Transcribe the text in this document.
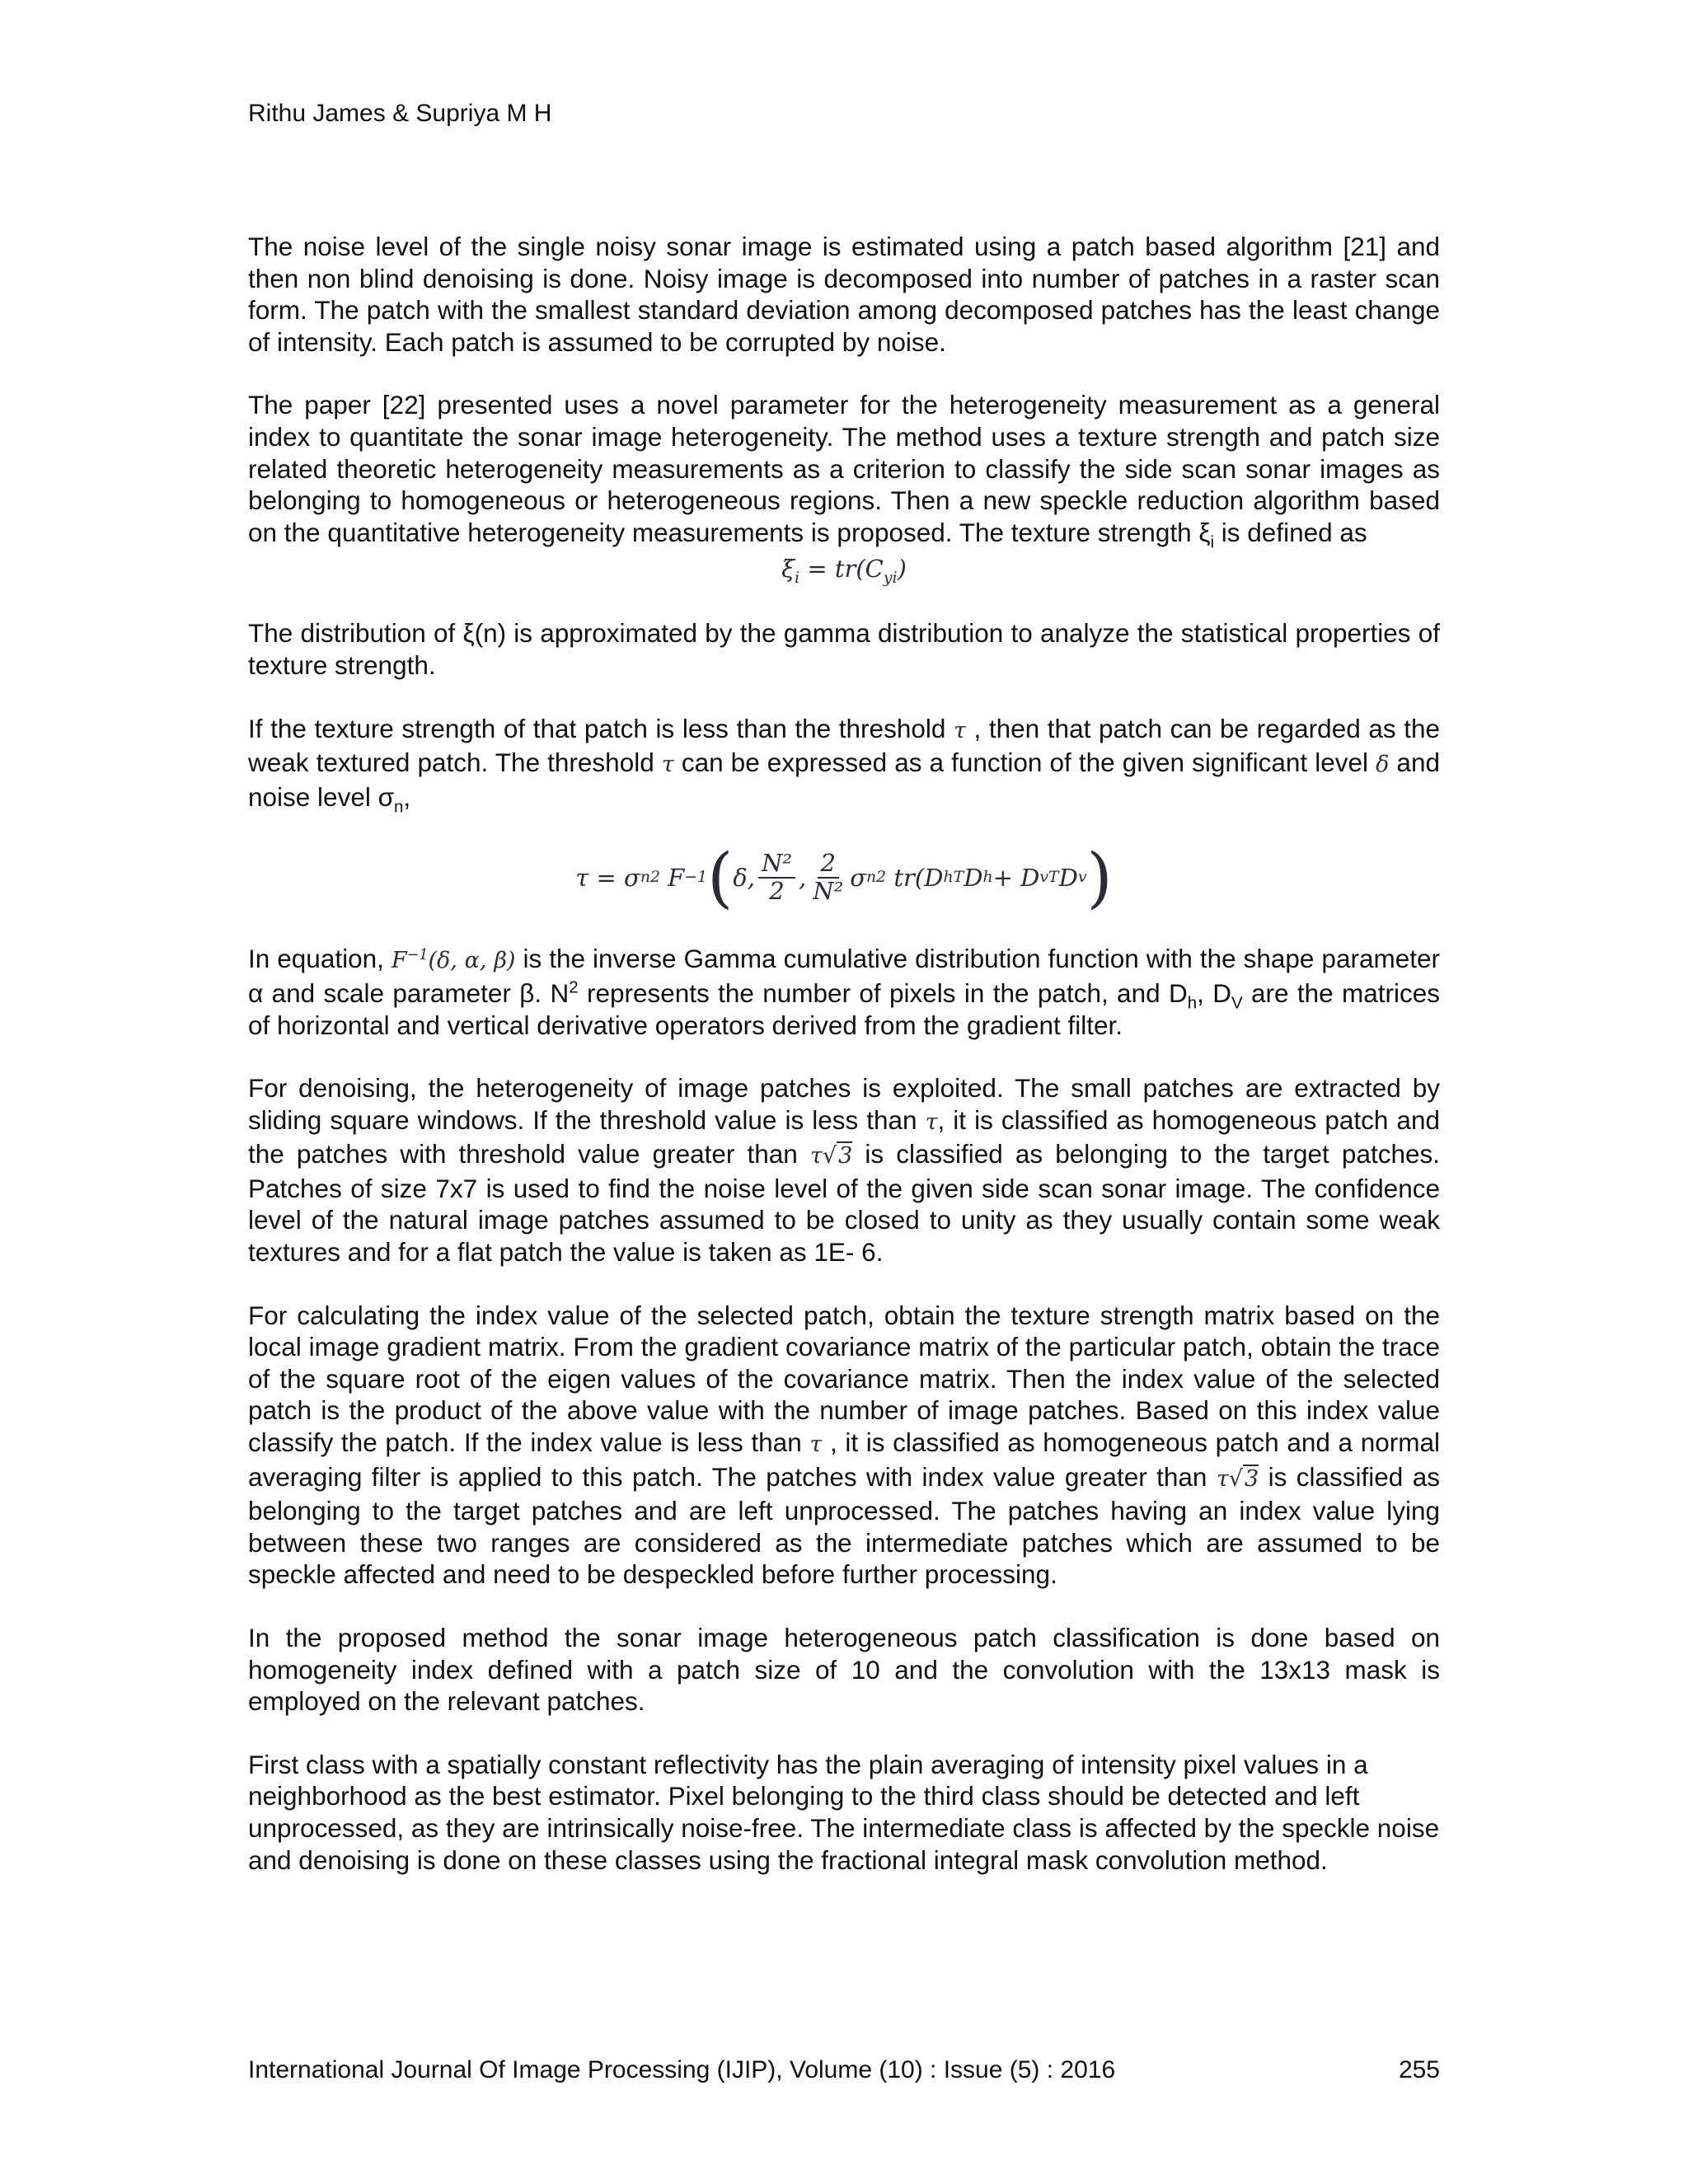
Rithu James & Supriya M H

The noise level of the single noisy sonar image is estimated using a patch based algorithm [21] and then non blind denoising is done. Noisy image is decomposed into number of patches in a raster scan form. The patch with the smallest standard deviation among decomposed patches has the least change of intensity. Each patch is assumed to be corrupted by noise.

The paper [22] presented uses a novel parameter for the heterogeneity measurement as a general index to quantitate the sonar image heterogeneity. The method uses a texture strength and patch size related theoretic heterogeneity measurements as a criterion to classify the side scan sonar images as belonging to homogeneous or heterogeneous regions. Then a new speckle reduction algorithm based on the quantitative heterogeneity measurements is proposed. The texture strength $\xi_i$ is defined as

$\xi_i = tr(C_{yi})$

The distribution of ξ(n) is approximated by the gamma distribution to analyze the statistical properties of texture strength.

If the texture strength of that patch is less than the threshold τ , then that patch can be regarded as the weak textured patch. The threshold τ can be expressed as a function of the given significant level δ and noise level $\sigma_n$,

τ = σ n 2
F −1 ( δ, $\frac{\text{N²}}{2}$ , $\frac{2}{\text{N²}}$ σ n 2
tr(D h T D h + D v T D v )

In equation, $F^{-1}(\delta$, α, β) is the inverse Gamma cumulative distribution function with the shape parameter α and scale parameter β. $N^2$ represents the number of pixels in the patch, and $D_h$, $D_V$ are the matrices of horizontal and vertical derivative operators derived from the gradient filter.

For denoising, the heterogeneity of image patches is exploited. The small patches are extracted by sliding square windows. If the threshold value is less than τ, it is classified as homogeneous patch and the patches with threshold value greater than τ√3 is classified as belonging to the target patches. Patches of size 7x7 is used to find the noise level of the given side scan sonar image. The confidence level of the natural image patches assumed to be closed to unity as they usually contain some weak textures and for a flat patch the value is taken as 1E- 6.

For calculating the index value of the selected patch, obtain the texture strength matrix based on the local image gradient matrix. From the gradient covariance matrix of the particular patch, obtain the trace of the square root of the eigen values of the covariance matrix. Then the index value of the selected patch is the product of the above value with the number of image patches. Based on this index value classify the patch. If the index value is less than τ , it is classified as homogeneous patch and a normal averaging filter is applied to this patch. The patches with index value greater than τ√3 is classified as belonging to the target patches and are left unprocessed. The patches having an index value lying between these two ranges are considered as the intermediate patches which are assumed to be speckle affected and need to be despeckled before further processing.

In the proposed method the sonar image heterogeneous patch classification is done based on homogeneity index defined with a patch size of 10 and the convolution with the 13x13 mask is employed on the relevant patches.

First class with a spatially constant reflectivity has the plain averaging of intensity pixel values in a neighborhood as the best estimator. Pixel belonging to the third class should be detected and left unprocessed, as they are intrinsically noise-free. The intermediate class is affected by the speckle noise and denoising is done on these classes using the fractional integral mask convolution method.

International Journal Of Image Processing (IJIP), Volume (10) : Issue (5) : 2016	255
